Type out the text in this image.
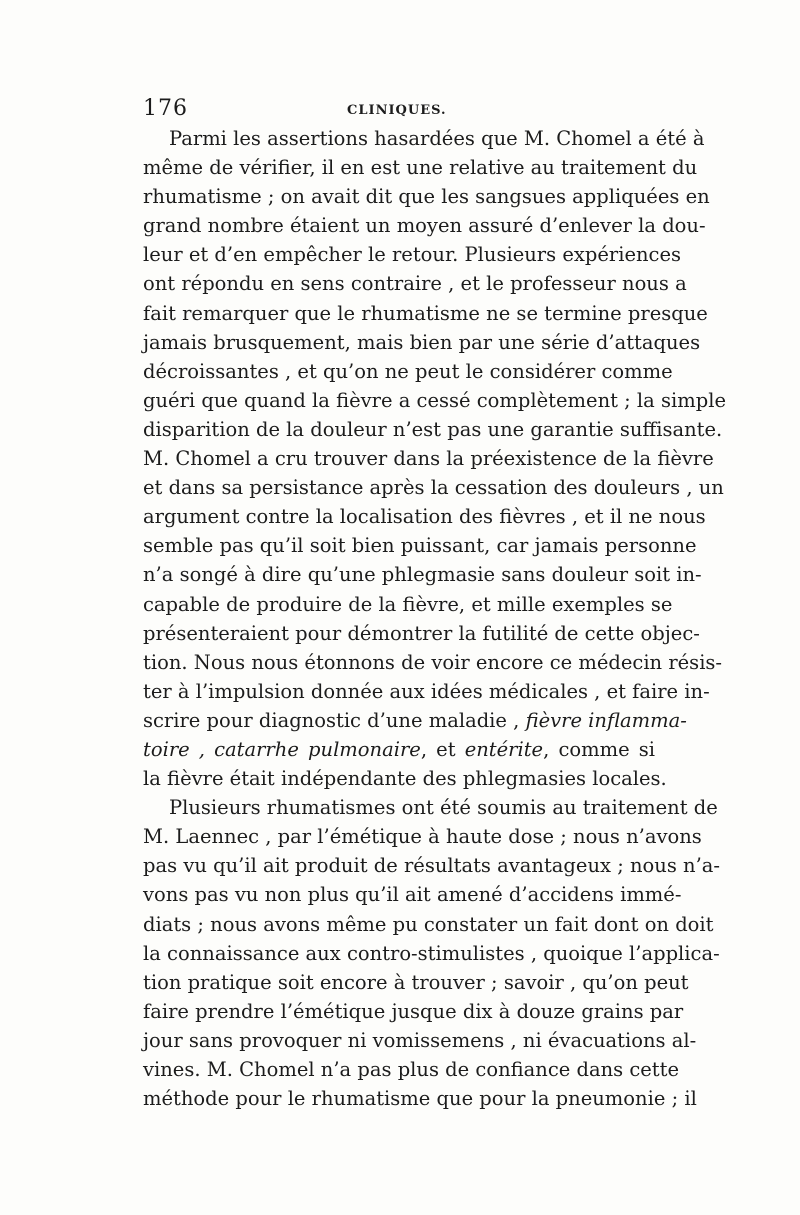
176	CLINIQUES.
Parmi les assertions hasardées que M. Chomel a été à
même de vérifier, il en est une relative au traitement du
rhumatisme ; on avait dit que les sangsues appliquées en
grand nombre étaient un moyen assuré d’enlever la dou-
leur et d’en empêcher le retour. Plusieurs expériences
ont répondu en sens contraire , et le professeur nous a
fait remarquer que le rhumatisme ne se termine presque
jamais brusquement, mais bien par une série d’attaques
décroissantes , et qu’on ne peut le considérer comme
guéri que quand la fièvre a cessé complètement ; la simple
disparition de la douleur n’est pas une garantie suffisante.
M. Chomel a cru trouver dans la préexistence de la fièvre
et dans sa persistance après la cessation des douleurs , un
argument contre la localisation des fièvres , et il ne nous
semble pas qu’il soit bien puissant, car jamais personne
n’a songé à dire qu’une phlegmasie sans douleur soit in-
capable de produire de la fièvre, et mille exemples se
présenteraient pour démontrer la futilité de cette objec-
tion. Nous nous étonnons de voir encore ce médecin résis-
ter à l’impulsion donnée aux idées médicales , et faire in-
scrire pour diagnostic d’une maladie , fièvre inflamma-
toire , catarrhe pulmonaire, et entérite, comme si
la fièvre était indépendante des phlegmasies locales.
Plusieurs rhumatismes ont été soumis au traitement de
M. Laennec , par l’émétique à haute dose ; nous n’avons
pas vu qu’il ait produit de résultats avantageux ; nous n’a-
vons pas vu non plus qu’il ait amené d’accidens immé-
diats ; nous avons même pu constater un fait dont on doit
la connaissance aux contro-stimulistes , quoique l’applica-
tion pratique soit encore à trouver ; savoir , qu’on peut
faire prendre l’émétique jusque dix à douze grains par
jour sans provoquer ni vomissemens , ni évacuations al-
vines. M. Chomel n’a pas plus de confiance dans cette
méthode pour le rhumatisme que pour la pneumonie ; il
